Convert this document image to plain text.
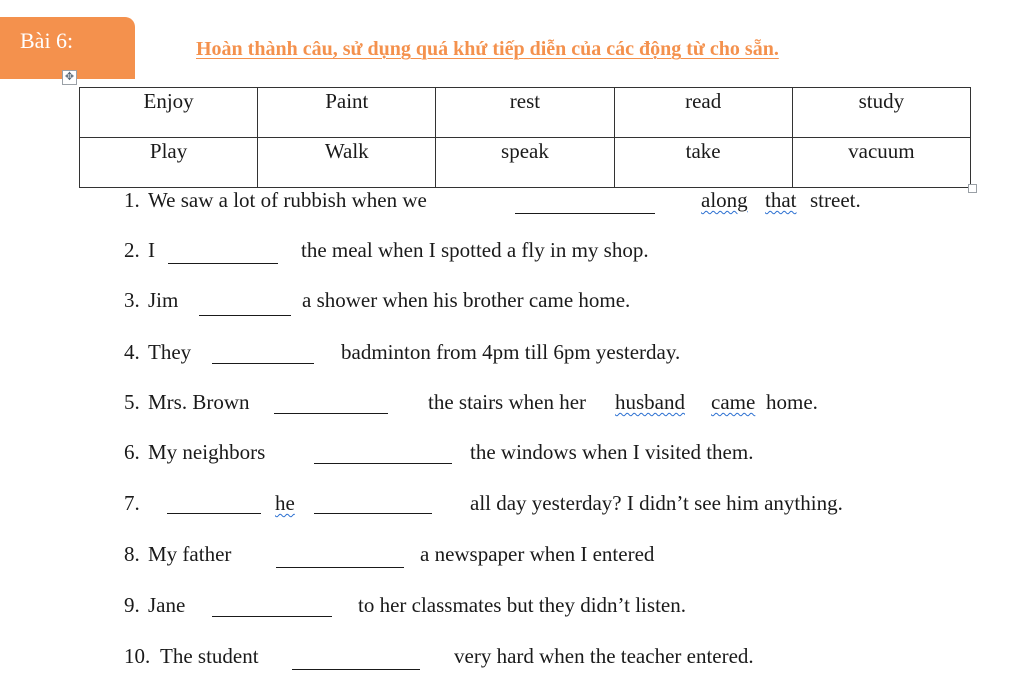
Bài 6:
✥
Hoàn thành câu, sử dụng quá khứ tiếp diễn của các động từ cho sẵn.
Enjoy	Paint	rest	read	study
Play	Walk	speak	take	vacuum
1. We saw a lot of rubbish when we	along that street.
2. I	the meal when I spotted a fly in my shop.
3. Jim	a shower when his brother came home.
4. They	badminton from 4pm till 6pm yesterday.
5. Mrs. Brown	the stairs when her husband came home.
6. My neighbors	the windows when I visited them.
7.	he	all day yesterday? I didn’t see him anything.
8. My father	a newspaper when I entered
9. Jane	to her classmates but they didn’t listen.
10. The student	very hard when the teacher entered.
